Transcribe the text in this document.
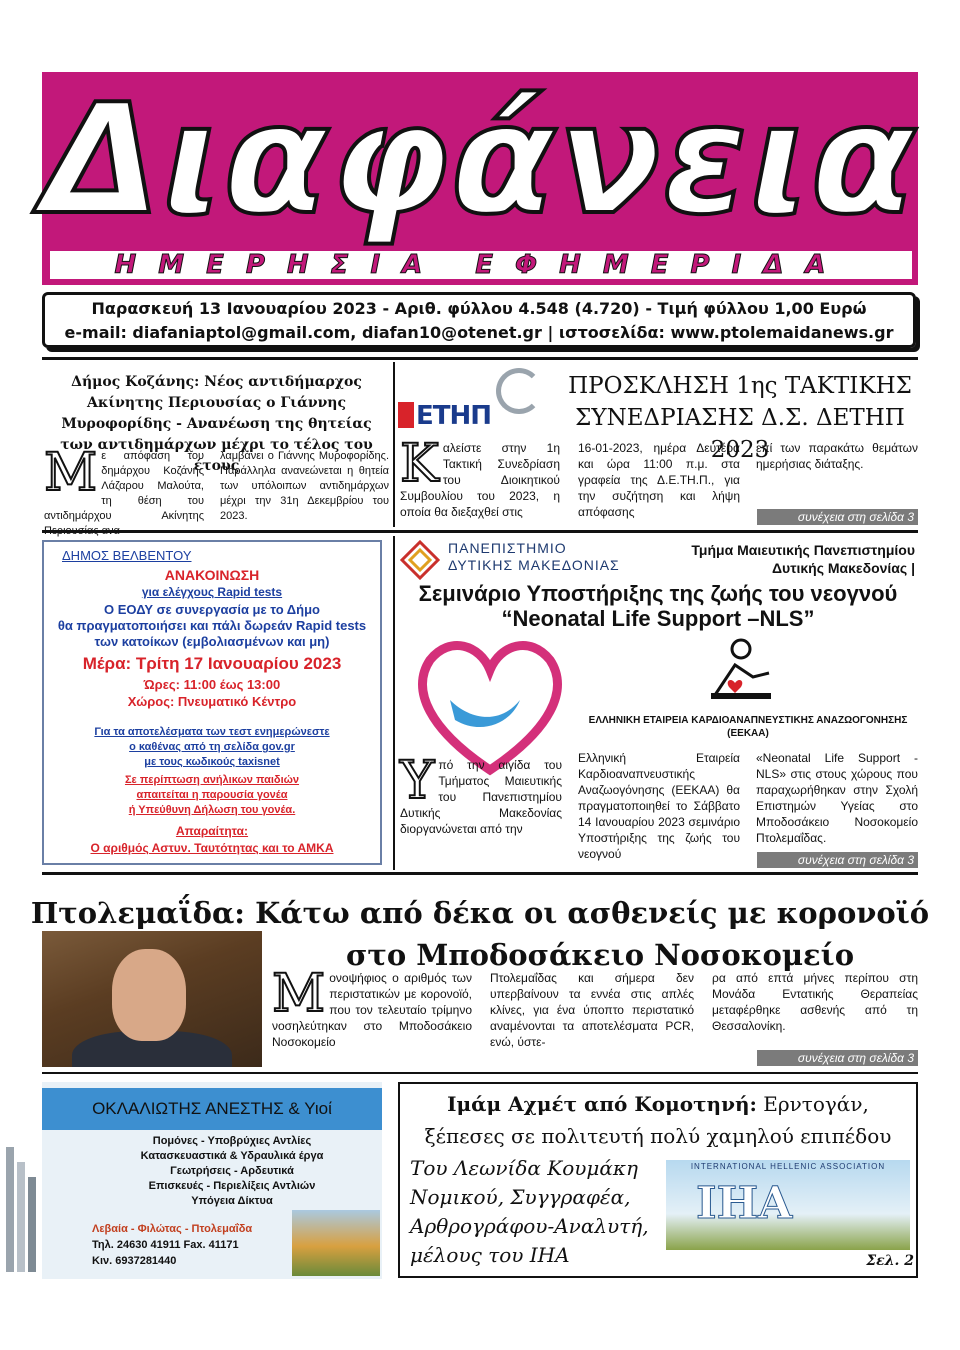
Διαφάνεια
ΗΜΕΡΗΣΙΑ ΕΦΗΜΕΡΙΔΑ
Παρασκευή 13 Ιανουαρίου 2023 - Αριθ. φύλλου 4.548 (4.720) - Τιμή φύλλου 1,00 Ευρώ
e-mail: diafaniaptol@gmail.com, diafan10@otenet.gr | ιστοσελίδα: www.ptolemaidanews.gr
Δήμος Κοζάνης: Νέος αντιδήμαρχος Ακίνητης Περιουσίας ο Γιάννης Μυροφορίδης - Ανανέωση της θητείας των αντιδημάρχων μέχρι το τέλος του έτους
Με απόφαση του δημάρχου Κοζάνης Λάζαρου Μαλούτα, τη θέση του αντιδημάρχου Ακίνητης
λαμβάνει ο Γιάννης Μυροφορίδης. Παράλληλα ανανεώνεται η θητεία των υπόλοιπων αντιδημάρχων μέχρι την 31η Δεκεμβρίου του 2023.
ΕΤΗΠ
ΠΡΟΣΚΛΗΣΗ 1ης ΤΑΚΤΙΚΗΣ
ΣΥΝΕΔΡΙΑΣΗΣ Δ.Σ. ΔΕΤΗΠ 2023
Καλείστε στην 1η Τακτική Συνεδρίαση του Διοικητικού Συμβουλίου του 2023, η οποία θα διεξαχθεί στις
16-01-2023, ημέρα Δευτέρα και ώρα 11:00 π.μ. στα γραφεία της Δ.Ε.ΤΗ.Π., για την συζήτηση και λήψη απόφασης
επί των παρακάτω θεμάτων ημερήσιας διάταξης.
συνέχεια στη σελίδα 3
ΔΗΜΟΣ ΒΕΛΒΕΝΤΟΥ
ΑΝΑΚΟΙΝΩΣΗ
για ελέγχους Rapid tests
Ο ΕΟΔΥ σε συνεργασία με το Δήμο
θα πραγματοποιήσει και πάλι δωρεάν Rapid tests
των κατοίκων (εμβολιασμένων και μη)
Μέρα: Τρίτη 17 Ιανουαρίου 2023
Ώρες: 11:00 έως 13:00
Χώρος: Πνευματικό Κέντρο
Για τα αποτελέσματα των τεστ ενημερώνεστε
ο καθένας από τη σελίδα gov.gr
με τους κωδικούς taxisnet
Σε περίπτωση ανήλικων παιδιών
απαιτείται η παρουσία γονέα
ή Υπεύθυνη Δήλωση του γονέα.
Απαραίτητα:
Ο αριθμός Αστυν. Ταυτότητας και το ΑΜΚΑ
ΠΑΝΕΠΙΣΤΗΜΙΟ
ΔΥΤΙΚΗΣ ΜΑΚΕΔΟΝΙΑΣ
Τμήμα Μαιευτικής Πανεπιστημίου
Δυτικής Μακεδονίας |
Σεμινάριο Υποστήριξης της ζωής του νεογνού
“Neonatal Life Support –NLS”
ΕΛΛΗΝΙΚΗ ΕΤΑΙΡΕΙΑ ΚΑΡΔΙΟΑΝΑΠΝΕΥΣΤΙΚΗΣ ΑΝΑΖΩΟΓΟΝΗΣΗΣ (ΕΕΚΑΑ)
Υπό την αιγίδα του Τμήματος Μαιευτικής του Πανεπιστημίου Δυτικής Μακεδονίας διοργανώνεται από την
Ελληνική Εταιρεία Καρδιοαναπνευστικής Αναζωογόνησης (ΕΕΚΑΑ) θα πραγματοποιηθεί το Σάββατο 14 Ιανουαρίου 2023 σεμινάριο Υποστήριξης της ζωής του νεογνού
«Neonatal Life Support - NLS» στις στους χώρους που παραχωρήθηκαν στην Σχολή Επιστημών Υγείας στο Μποδοσάκειο Νοσοκομείο Πτολεμαΐδας.
συνέχεια στη σελίδα 3
Πτολεμαΐδα: Κάτω από δέκα οι ασθενείς με κορονοϊό
στο Μποδοσάκειο Νοσοκομείο
Μονοψήφιος ο αριθμός των περιστατικών με κορονοϊό, που τον τελευταίο τρίμηνο νοσηλεύτηκαν στο Μποδοσάκειο Νοσοκομείο
Πτολεμαΐδας και σήμερα δεν υπερβαίνουν τα εννέα στις απλές κλίνες, για ένα ύποπτο περιστατικό αναμένονται τα αποτελέσματα PCR, ενώ, ύστε-
ρα από επτά μήνες περίπου στη Μονάδα Εντατικής Θεραπείας μεταφέρθηκε ασθενής από τη Θεσσαλονίκη.
συνέχεια στη σελίδα 3
ΟΚΛΑΛΙΩΤΗΣ ΑΝΕΣΤΗΣ & Υιοί
Πομόνες - Υποβρύχιες Αντλίες
Κατασκευαστικά & Υδραυλικά έργα
Γεωτρήσεις - Αρδευτικά
Επισκευές - Περιελίξεις Αντλιών
Υπόγεια Δίκτυα
Λεβαία - Φιλώτας - Πτολεμαΐδα
Τηλ. 24630 41911 Fax. 41171
Κιν. 6937281440
Ιμάμ Αχμέτ από Κομοτηνή: Ερντογάν,
ξέπεσες σε πολιτευτή πολύ χαμηλού επιπέδου
Του Λεωνίδα Κουμάκη
Νομικού, Συγγραφέα,
Αρθρογράφου-Αναλυτή,
μέλους του ΙΗΑ
INTERNATIONAL HELLENIC ASSOCIATION
IHA
Σελ. 2
